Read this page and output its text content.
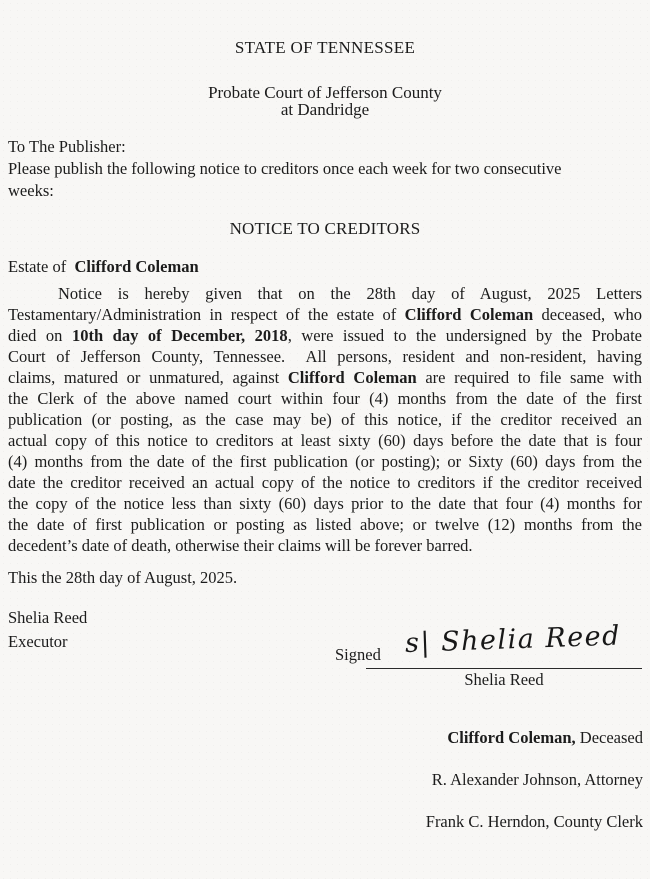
STATE OF TENNESSEE
Probate Court of Jefferson County
at Dandridge
To The Publisher:
Please publish the following notice to creditors once each week for two consecutive
weeks:
NOTICE TO CREDITORS
Estate of  Clifford Coleman
Notice is hereby given that on the 28th day of August, 2025 Letters
Testamentary/Administration in respect of the estate of Clifford Coleman deceased, who
died on 10th day of December, 2018, were issued to the undersigned by the Probate
Court of Jefferson County, Tennessee.  All persons, resident and non-resident, having
claims, matured or unmatured, against Clifford Coleman are required to file same with
the Clerk of the above named court within four (4) months from the date of the first
publication (or posting, as the case may be) of this notice, if the creditor received an
actual copy of this notice to creditors at least sixty (60) days before the date that is four
(4) months from the date of the first publication (or posting); or Sixty (60) days from the
date the creditor received an actual copy of the notice to creditors if the creditor received
the copy of the notice less than sixty (60) days prior to the date that four (4) months for
the date of first publication or posting as listed above; or twelve (12) months from the
decedent’s date of death, otherwise their claims will be forever barred.
This the 28th day of August, 2025.
Shelia Reed
Executor
Signed s| Shelia Reed
Shelia Reed
Clifford Coleman, Deceased
R. Alexander Johnson, Attorney
Frank C. Herndon, County Clerk
